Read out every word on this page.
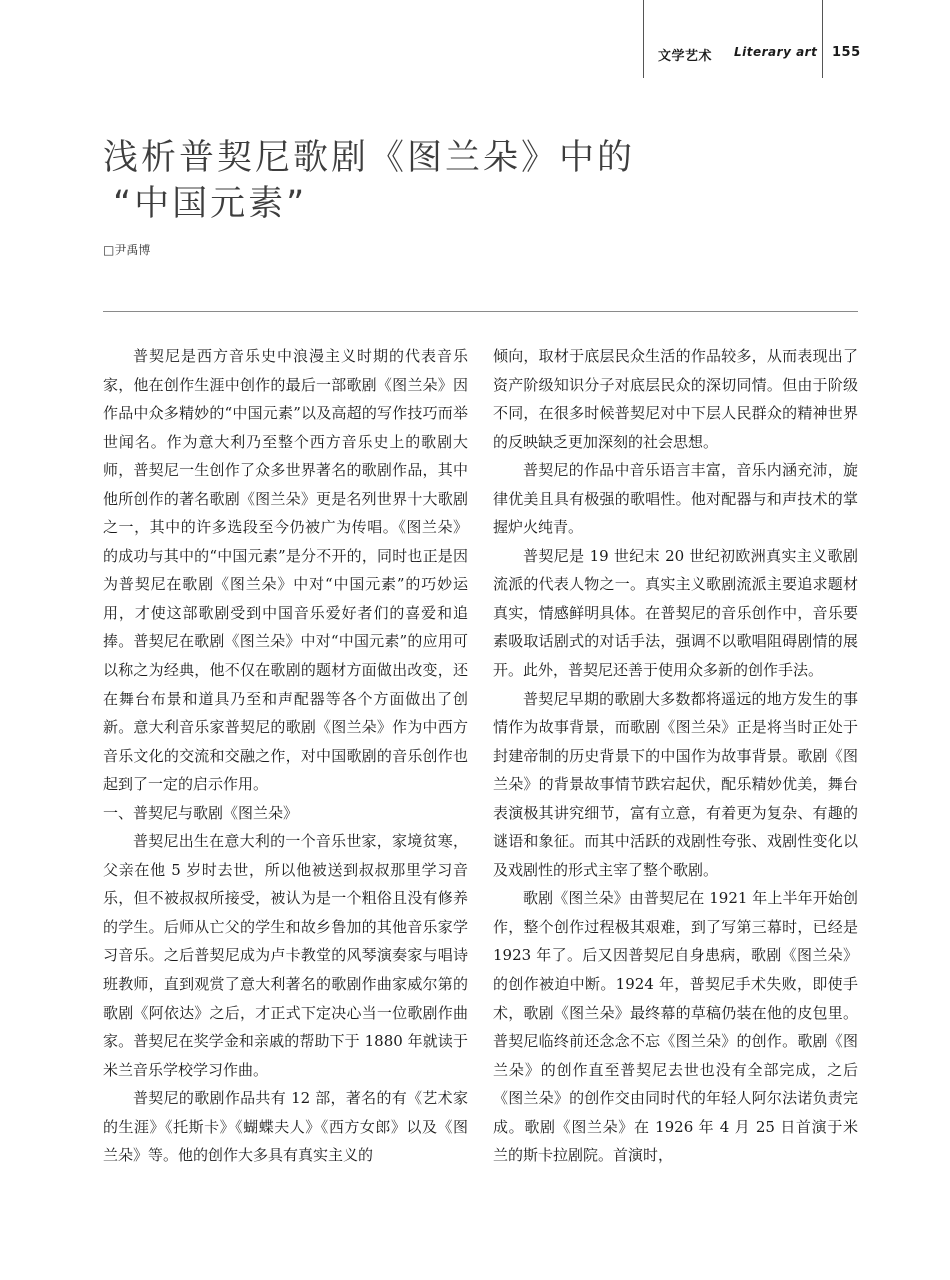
文学艺术 Literary art 155
浅析普契尼歌剧《图兰朵》中的
“中国元素”
□尹禹博

普契尼是西方音乐史中浪漫主义时期的代表音乐家，他在创作生涯中创作的最后一部歌剧《图兰朵》因作品中众多精妙的“中国元素”以及高超的写作技巧而举世闻名。作为意大利乃至整个西方音乐史上的歌剧大师，普契尼一生创作了众多世界著名的歌剧作品，其中他所创作的著名歌剧《图兰朵》更是名列世界十大歌剧之一，其中的许多选段至今仍被广为传唱。《图兰朵》的成功与其中的“中国元素”是分不开的，同时也正是因为普契尼在歌剧《图兰朵》中对“中国元素”的巧妙运用，才使这部歌剧受到中国音乐爱好者们的喜爱和追捧。普契尼在歌剧《图兰朵》中对“中国元素”的应用可以称之为经典，他不仅在歌剧的题材方面做出改变，还在舞台布景和道具乃至和声配器等各个方面做出了创新。意大利音乐家普契尼的歌剧《图兰朵》作为中西方音乐文化的交流和交融之作，对中国歌剧的音乐创作也起到了一定的启示作用。

一、普契尼与歌剧《图兰朵》

普契尼出生在意大利的一个音乐世家，家境贫寒，父亲在他 5 岁时去世，所以他被送到叔叔那里学习音乐，但不被叔叔所接受，被认为是一个粗俗且没有修养的学生。后师从亡父的学生和故乡鲁加的其他音乐家学习音乐。之后普契尼成为卢卡教堂的风琴演奏家与唱诗班教师，直到观赏了意大利著名的歌剧作曲家威尔第的歌剧《阿依达》之后，才正式下定决心当一位歌剧作曲家。普契尼在奖学金和亲戚的帮助下于 1880 年就读于米兰音乐学校学习作曲。

普契尼的歌剧作品共有 12 部，著名的有《艺术家的生涯》《托斯卡》《蝴蝶夫人》《西方女郎》以及《图兰朵》等。他的创作大多具有真实主义的

倾向，取材于底层民众生活的作品较多，从而表现出了资产阶级知识分子对底层民众的深切同情。但由于阶级不同，在很多时候普契尼对中下层人民群众的精神世界的反映缺乏更加深刻的社会思想。

普契尼的作品中音乐语言丰富，音乐内涵充沛，旋律优美且具有极强的歌唱性。他对配器与和声技术的掌握炉火纯青。

普契尼是 19 世纪末 20 世纪初欧洲真实主义歌剧流派的代表人物之一。真实主义歌剧流派主要追求题材真实，情感鲜明具体。在普契尼的音乐创作中，音乐要素吸取话剧式的对话手法，强调不以歌唱阻碍剧情的展开。此外，普契尼还善于使用众多新的创作手法。

普契尼早期的歌剧大多数都将遥远的地方发生的事情作为故事背景，而歌剧《图兰朵》正是将当时正处于封建帝制的历史背景下的中国作为故事背景。歌剧《图兰朵》的背景故事情节跌宕起伏，配乐精妙优美，舞台表演极其讲究细节，富有立意，有着更为复杂、有趣的谜语和象征。而其中活跃的戏剧性夸张、戏剧性变化以及戏剧性的形式主宰了整个歌剧。

歌剧《图兰朵》由普契尼在 1921 年上半年开始创作，整个创作过程极其艰难，到了写第三幕时，已经是 1923 年了。后又因普契尼自身患病，歌剧《图兰朵》的创作被迫中断。1924 年，普契尼手术失败，即使手术，歌剧《图兰朵》最终幕的草稿仍装在他的皮包里。普契尼临终前还念念不忘《图兰朵》的创作。歌剧《图兰朵》的创作直至普契尼去世也没有全部完成，之后《图兰朵》的创作交由同时代的年轻人阿尔法诺负责完成。歌剧《图兰朵》在 1926 年 4 月 25 日首演于米兰的斯卡拉剧院。首演时，
